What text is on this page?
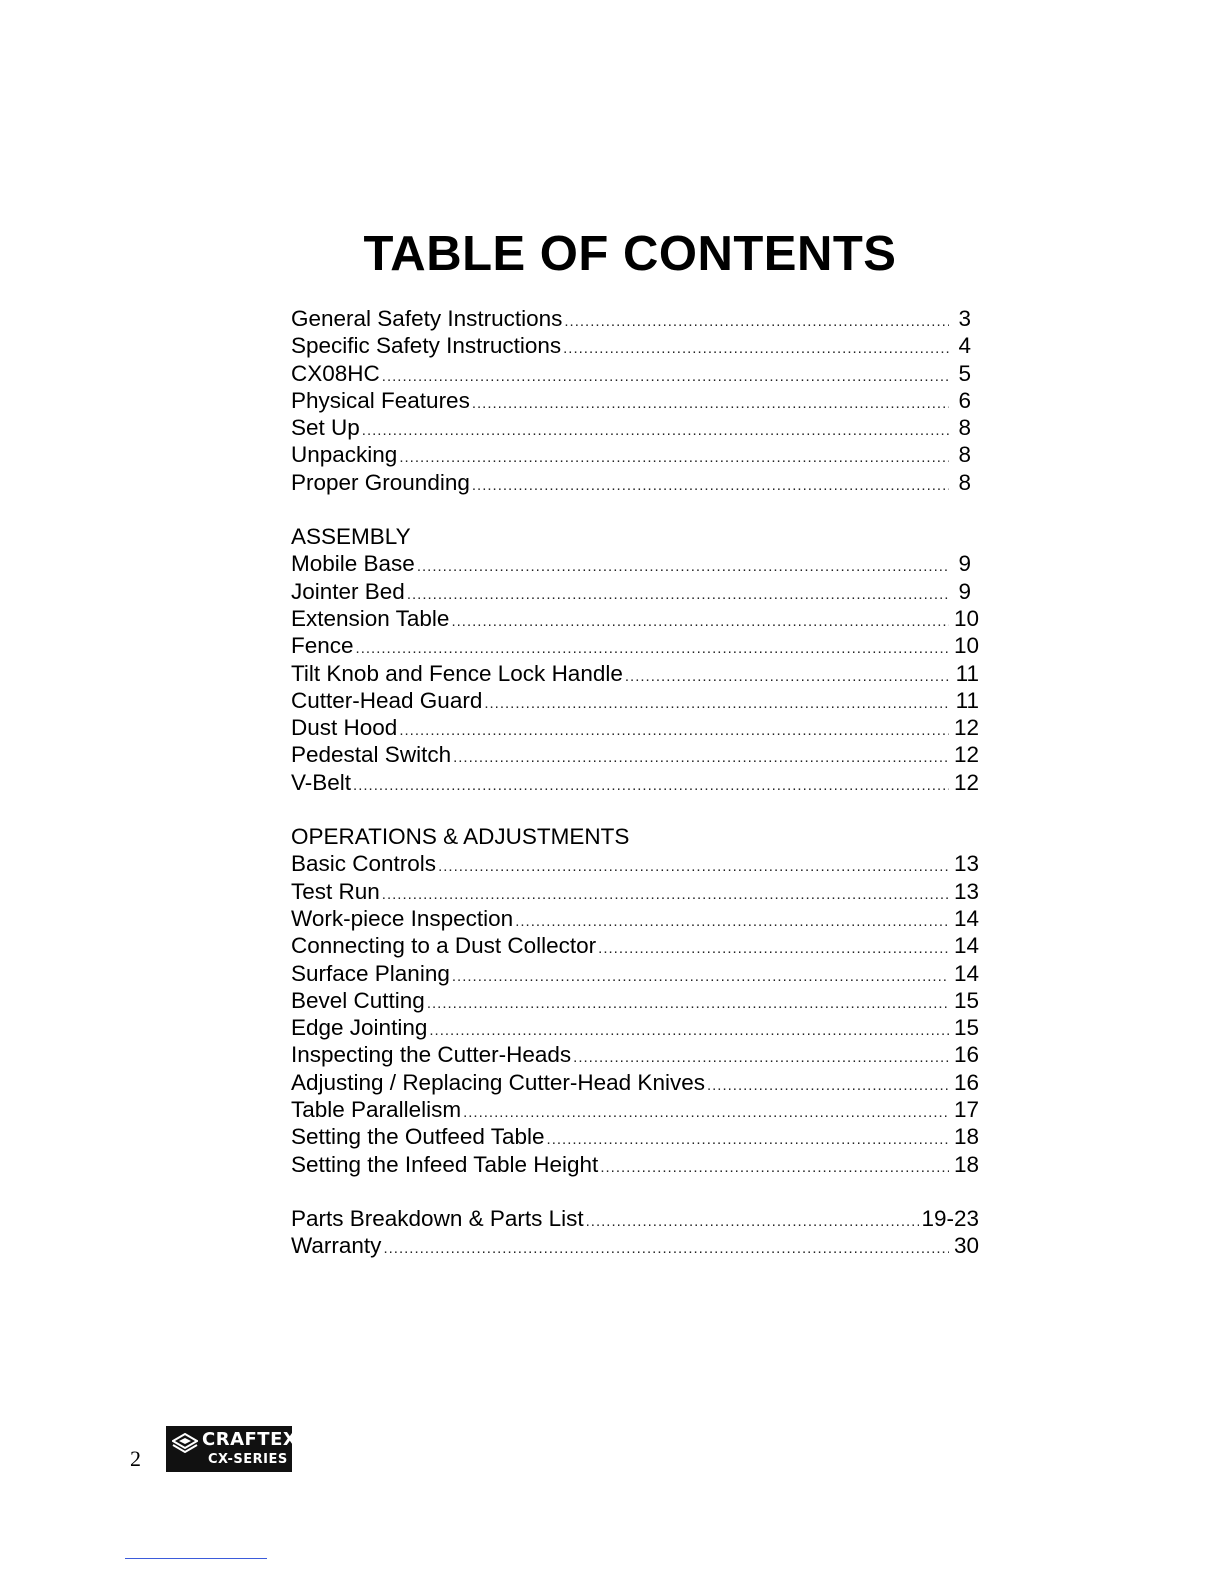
TABLE OF CONTENTS
General Safety Instructions .....	3
Specific Safety Instructions .....	4
CX08HC .....	5
Physical Features .....	6
Set Up .....	8
Unpacking .....	8
Proper Grounding .....	8
ASSEMBLY
Mobile Base .....	9
Jointer Bed .....	9
Extension Table .....	10
Fence .....	10
Tilt Knob and Fence Lock Handle .....	11
Cutter-Head Guard .....	11
Dust Hood .....	12
Pedestal Switch .....	12
V-Belt .....	12
OPERATIONS & ADJUSTMENTS
Basic Controls .....	13
Test Run .....	13
Work-piece Inspection .....	14
Connecting to a Dust Collector .....	14
Surface Planing .....	14
Bevel Cutting .....	15
Edge Jointing .....	15
Inspecting the Cutter-Heads .....	16
Adjusting / Replacing Cutter-Head Knives .....	16
Table Parallelism .....	17
Setting the Outfeed Table .....	18
Setting the Infeed Table Height .....	18
Parts Breakdown & Parts List .....	19-23
Warranty .....	30
2
CRAFTEX
CX-SERIES
